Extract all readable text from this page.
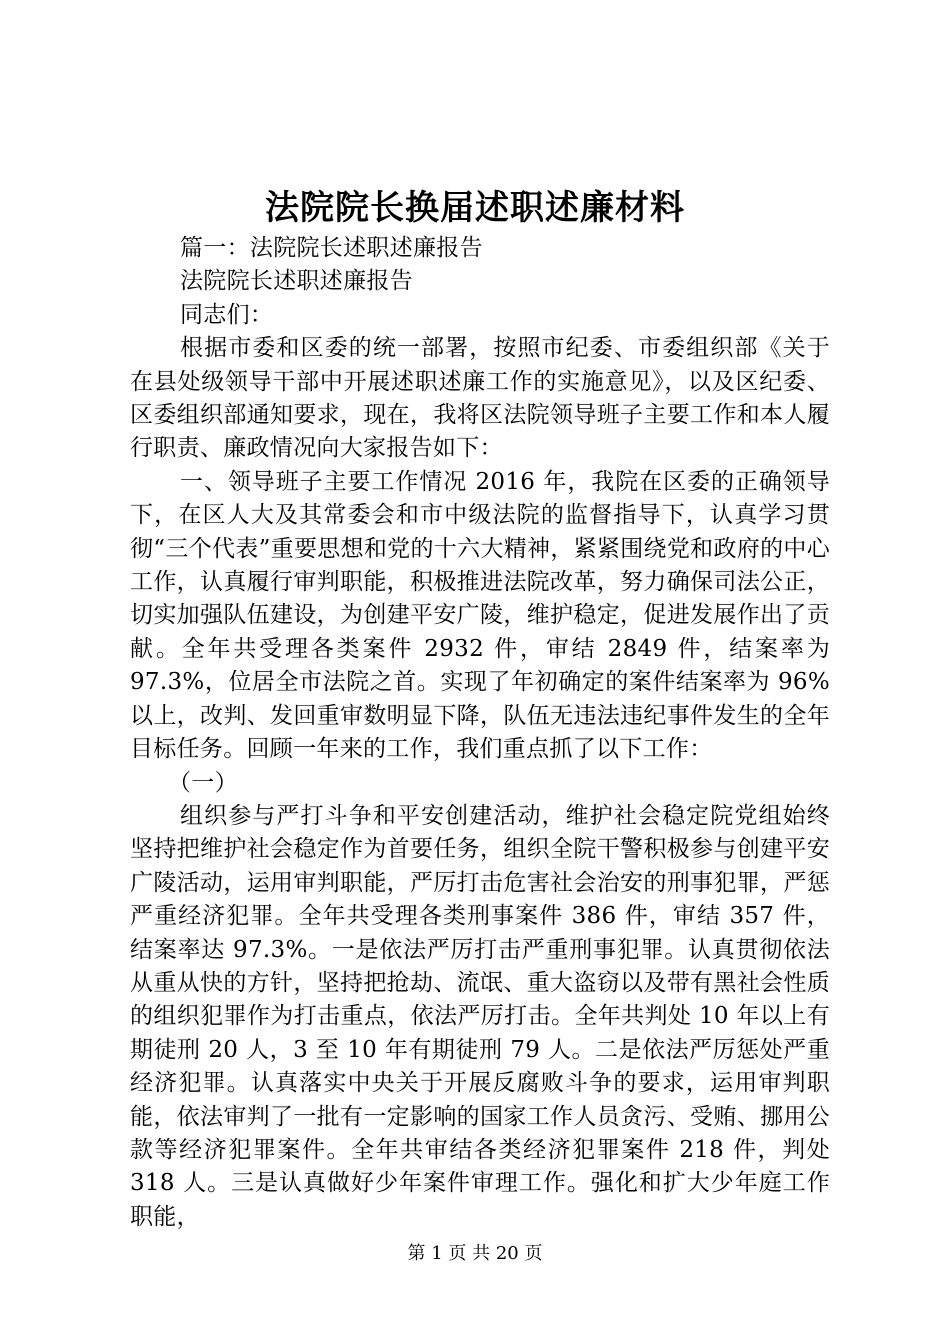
法院院长换届述职述廉材料

篇一：法院院长述职述廉报告

法院院长述职述廉报告

同志们：

根据市委和区委的统一部署，按照市纪委、市委组织部《关于在县处级领导干部中开展述职述廉工作的实施意见》，以及区纪委、区委组织部通知要求，现在，我将区法院领导班子主要工作和本人履行职责、廉政情况向大家报告如下：

一、领导班子主要工作情况 2016 年，我院在区委的正确领导下，在区人大及其常委会和市中级法院的监督指导下，认真学习贯彻“三个代表”重要思想和党的十六大精神，紧紧围绕党和政府的中心工作，认真履行审判职能，积极推进法院改革，努力确保司法公正，切实加强队伍建设，为创建平安广陵，维护稳定，促进发展作出了贡献。全年共受理各类案件 2932 件，审结 2849 件，结案率为 97.3%，位居全市法院之首。实现了年初确定的案件结案率为 96%以上，改判、发回重审数明显下降，队伍无违法违纪事件发生的全年目标任务。回顾一年来的工作，我们重点抓了以下工作：

（一）

组织参与严打斗争和平安创建活动，维护社会稳定院党组始终坚持把维护社会稳定作为首要任务，组织全院干警积极参与创建平安广陵活动，运用审判职能，严厉打击危害社会治安的刑事犯罪，严惩严重经济犯罪。全年共受理各类刑事案件 386 件，审结 357 件，结案率达 97.3%。一是依法严厉打击严重刑事犯罪。认真贯彻依法从重从快的方针，坚持把抢劫、流氓、重大盗窃以及带有黑社会性质的组织犯罪作为打击重点，依法严厉打击。全年共判处 10 年以上有期徒刑 20 人，3 至 10 年有期徒刑 79 人。二是依法严厉惩处严重经济犯罪。认真落实中央关于开展反腐败斗争的要求，运用审判职能，依法审判了一批有一定影响的国家工作人员贪污、受贿、挪用公款等经济犯罪案件。全年共审结各类经济犯罪案件 218 件，判处 318 人。三是认真做好少年案件审理工作。强化和扩大少年庭工作职能，

第 1 页 共 20 页
